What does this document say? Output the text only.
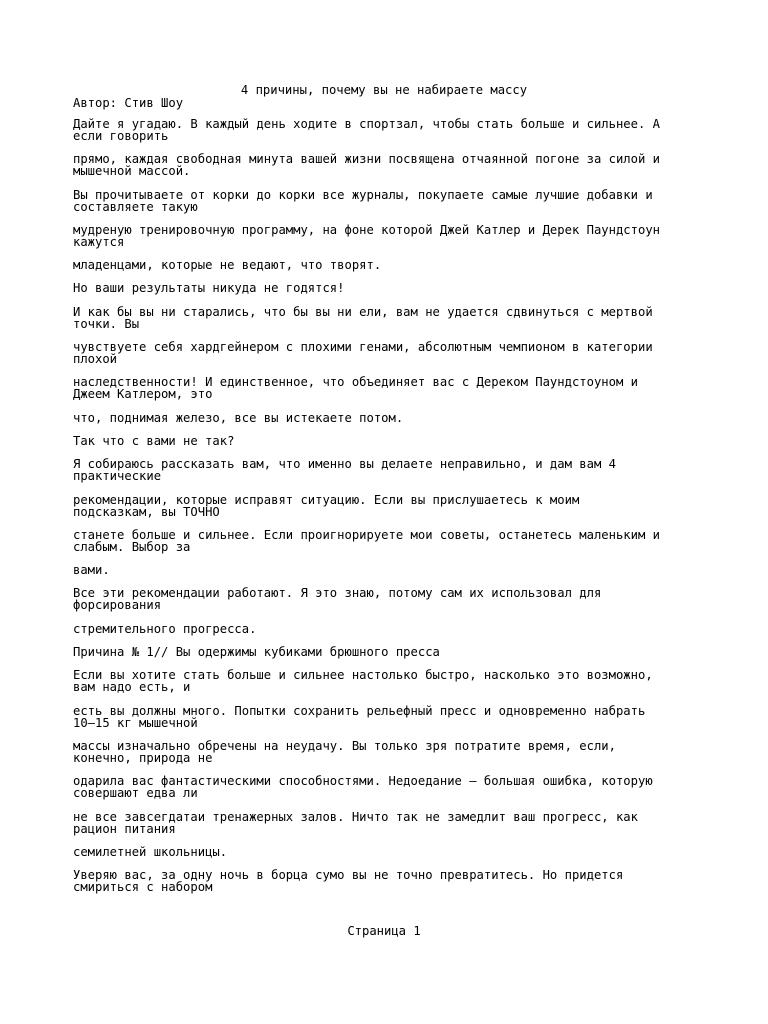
4 причины, почему вы не набираете массу
Автор: Стив Шоу
Дайте я угадаю. В каждый день ходите в спортзал, чтобы стать больше и сильнее. А
если говорить
прямо, каждая свободная минута вашей жизни посвящена отчаянной погоне за силой и
мышечной массой.
Вы прочитываете от корки до корки все журналы, покупаете самые лучшие добавки и
составляете такую
мудреную тренировочную программу, на фоне которой Джей Катлер и Дерек Паундстоун
кажутся
младенцами, которые не ведают, что творят.
Но ваши результаты никуда не годятся!
И как бы вы ни старались, что бы вы ни ели, вам не удается сдвинуться с мертвой
точки. Вы
чувствуете себя хардгейнером с плохими генами, абсолютным чемпионом в категории
плохой
наследственности! И единственное, что объединяет вас с Дереком Паундстоуном и
Джеем Катлером, это
что, поднимая железо, все вы истекаете потом.
Так что с вами не так?
Я собираюсь рассказать вам, что именно вы делаете неправильно, и дам вам 4
практические
рекомендации, которые исправят ситуацию. Если вы прислушаетесь к моим
подсказкам, вы ТОЧНО
станете больше и сильнее. Если проигнорируете мои советы, останетесь маленьким и
слабым. Выбор за
вами.
Все эти рекомендации работают. Я это знаю, потому сам их использовал для
форсирования
стремительного прогресса.
Причина № 1// Вы одержимы кубиками брюшного пресса
Если вы хотите стать больше и сильнее настолько быстро, насколько это возможно,
вам надо есть, и
есть вы должны много. Попытки сохранить рельефный пресс и одновременно набрать
10–15 кг мышечной
массы изначально обречены на неудачу. Вы только зря потратите время, если,
конечно, природа не
одарила вас фантастическими способностями. Недоедание – большая ошибка, которую
совершают едва ли
не все завсегдатаи тренажерных залов. Ничто так не замедлит ваш прогресс, как
рацион питания
семилетней школьницы.
Уверяю вас, за одну ночь в борца сумо вы не точно превратитесь. Но придется
смириться с набором
Страница 1
